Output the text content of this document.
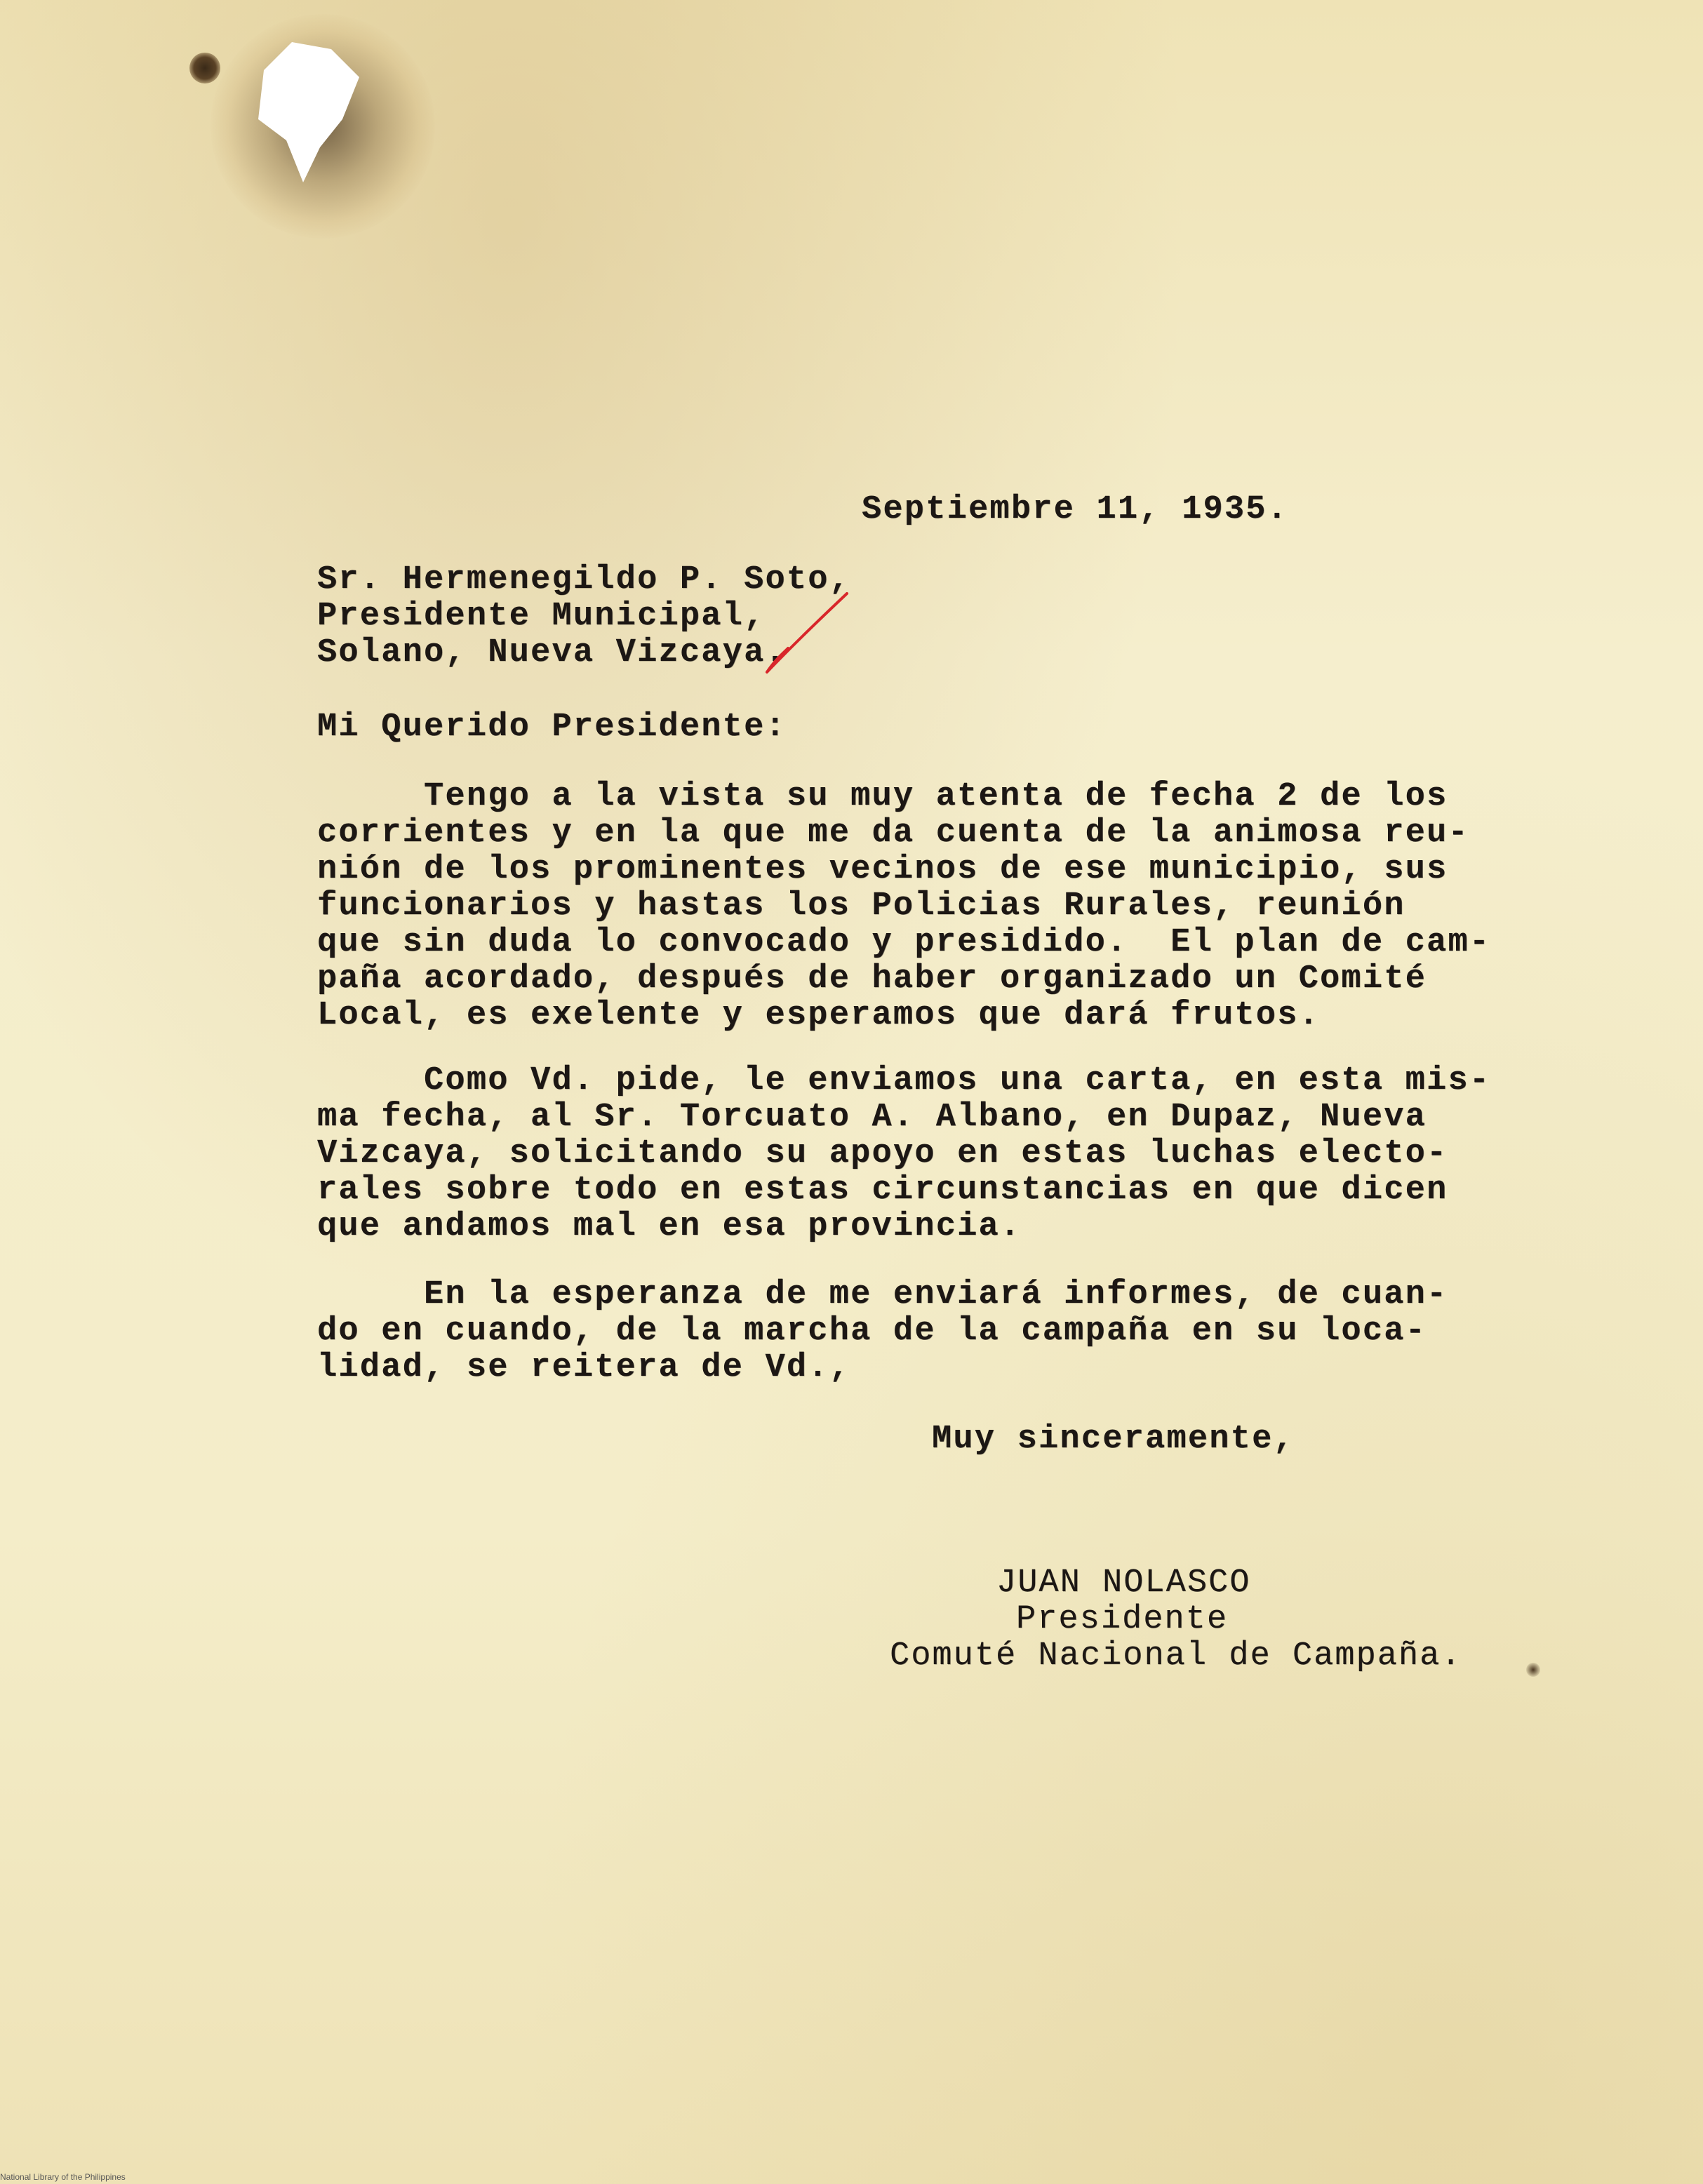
Septiembre 11, 1935.
Sr. Hermenegildo P. Soto,
Presidente Municipal,
Solano, Nueva Vizcaya.
Mi Querido Presidente:
Tengo a la vista su muy atenta de fecha 2 de los
corrientes y en la que me da cuenta de la animosa reu-
nión de los prominentes vecinos de ese municipio, sus
funcionarios y hastas los Policias Rurales, reunión
que sin duda lo convocado y presidido.  El plan de cam-
paña acordado, después de haber organizado un Comité
Local, es exelente y esperamos que dará frutos.
Como Vd. pide, le enviamos una carta, en esta mis-
ma fecha, al Sr. Torcuato A. Albano, en Dupaz, Nueva
Vizcaya, solicitando su apoyo en estas luchas electo-
rales sobre todo en estas circunstancias en que dicen
que andamos mal en esa provincia.
En la esperanza de me enviará informes, de cuan-
do en cuando, de la marcha de la campaña en su loca-
lidad, se reitera de Vd.,
Muy sinceramente,
JUAN NOLASCO
Presidente
Comuté Nacional de Campaña.
National Library of the Philippines
